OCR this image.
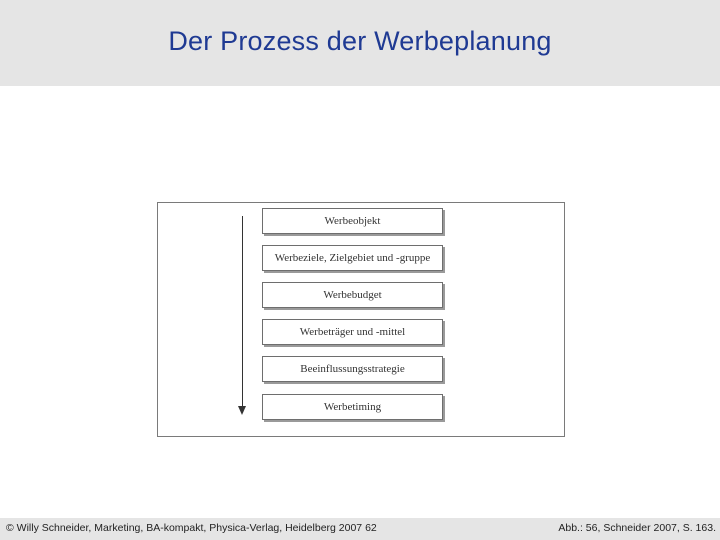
Der Prozess der Werbeplanung
Werbeobjekt
Werbeziele, Zielgebiet und -gruppe
Werbebudget
Werbeträger und -mittel
Beeinflussungsstrategie
Werbetiming
© Willy Schneider, Marketing, BA-kompakt, Physica-Verlag, Heidelberg 2007 62	Abb.: 56, Schneider 2007, S. 163.
